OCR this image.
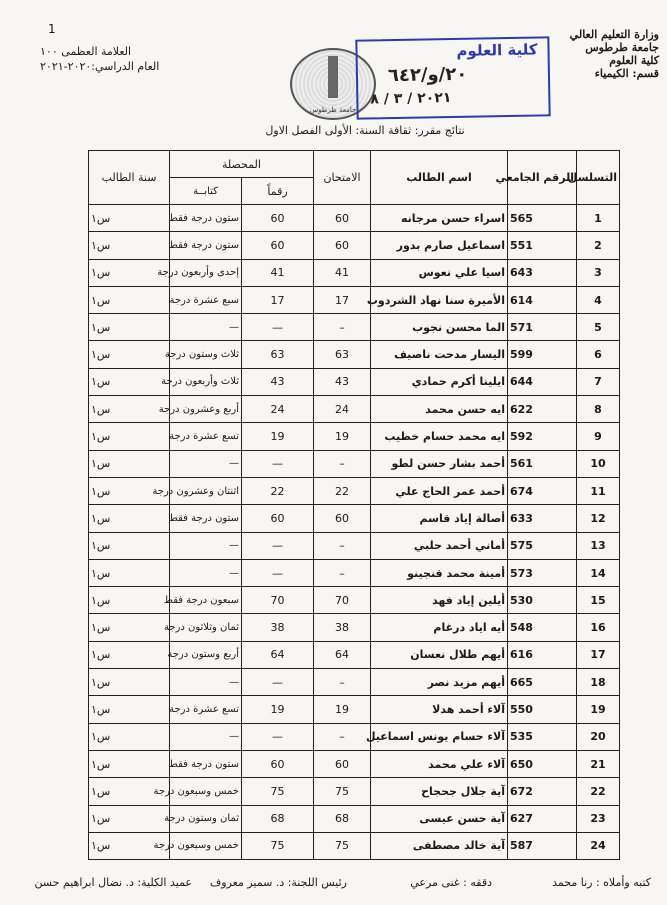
وزارة التعليم العالي
جامعة طرطوس
كلية العلوم
قسم: الكيمياء
1
العلامة العظمى ١٠٠
العام الدراسي:٢٠٢٠-٢٠٢١
جامعة طرطوس
كلية العلوم
٢٠/و/٦٤٢
٢٠٢١ / ٣ / ٨
نتائج مقرر: ثقافة السنة: الأولى الفصل الاول
التسلسل	الرقم الجامعي	اسم الطالب	الامتحان	المحصلة		سنة الطالب
				رقماً	كتابــة	
1	565	اسراء حسن مرجانه	60	60	ستون درجة فقط	س١
2	551	اسماعيل صارم بدور	60	60	ستون درجة فقط	س١
3	643	اسيا علي نعوس	41	41	إحدى وأربعون درجة	س١
4	614	الأميرة سنا نهاد الشردوب	17	17	سبع عشرة درجة	س١
5	571	الما محسن نجوب	–	—	—	س١
6	599	اليسار مدحت ناصيف	63	63	ثلاث وستون درجة	س١
7	644	ايلينا أكرم حمادي	43	43	ثلاث وأربعون درجة	س١
8	622	ايه حسن محمد	24	24	أربع وعشرون درجة	س١
9	592	ايه محمد حسام خطيب	19	19	تسع عشرة درجة	س١
10	561	أحمد بشار حسن لطو	–	—	—	س١
11	674	أحمد عمر الحاج علي	22	22	اثنتان وعشرون درجة	س١
12	633	أصالة إياد قاسم	60	60	ستون درجة فقط	س١
13	575	أماني أحمد حلبي	–	—	—	س١
14	573	أمينة محمد قنجينو	–	—	—	س١
15	530	أيلين إياد فهد	70	70	سبعون درجة فقط	س١
16	548	أيه اياد درغام	38	38	ثمان وثلاثون درجة	س١
17	616	أيهم طلال نعسان	64	64	أربع وستون درجة	س١
18	665	أيهم مزيد نصر	–	—	—	س١
19	550	آلاء أحمد هدلا	19	19	تسع عشرة درجة	س١
20	535	آلاء حسام يونس اسماعيل	–	—	—	س١
21	650	آلاء علي محمد	60	60	ستون درجة فقط	س١
22	672	آية جلال جحجاح	75	75	خمس وسبعون درجة	س١
23	627	آية حسن عيسى	68	68	ثمان وستون درجة	س١
24	587	آية خالد مصطفى	75	75	خمس وسبعون درجة	س١
كتبه وأملاه : رنا محمد
دققه : غنى مرعي
رئيس اللجنة: د. سمير معروف
عميد الكلية: د. نضال ابراهيم حسن
